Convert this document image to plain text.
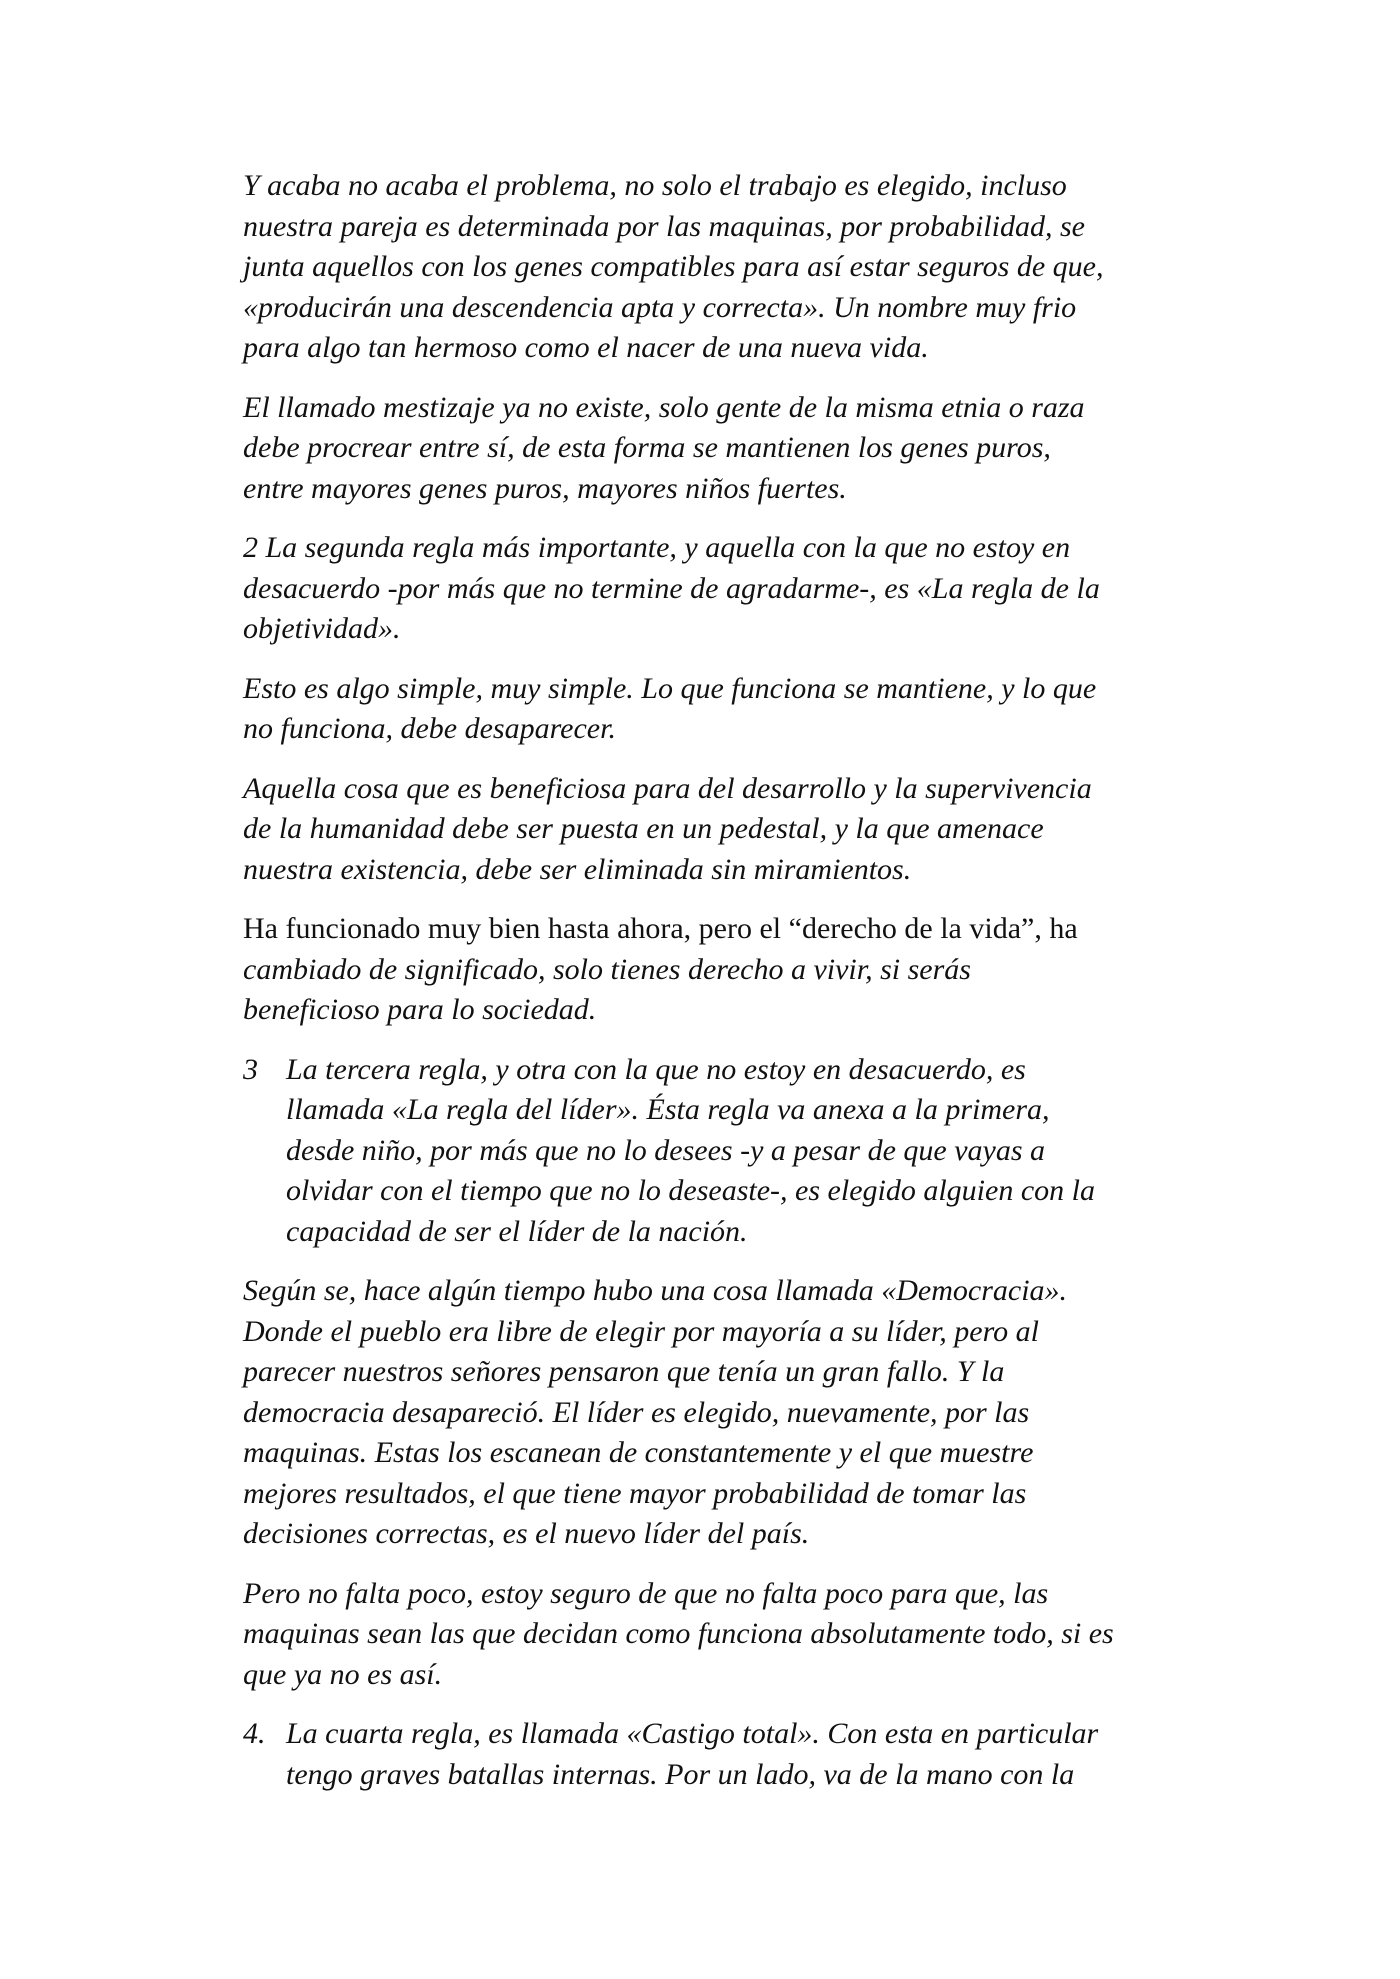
Y acaba no acaba el problema, no solo el trabajo es elegido, incluso
nuestra pareja es determinada por las maquinas, por probabilidad, se
junta aquellos con los genes compatibles para así estar seguros de que,
«producirán una descendencia apta y correcta». Un nombre muy frio
para algo tan hermoso como el nacer de una nueva vida.

El llamado mestizaje ya no existe, solo gente de la misma etnia o raza
debe procrear entre sí, de esta forma se mantienen los genes puros,
entre mayores genes puros, mayores niños fuertes.

2 La segunda regla más importante, y aquella con la que no estoy en
desacuerdo -por más que no termine de agradarme-, es «La regla de la
objetividad».

Esto es algo simple, muy simple. Lo que funciona se mantiene, y lo que
no funciona, debe desaparecer.

Aquella cosa que es beneficiosa para del desarrollo y la supervivencia
de la humanidad debe ser puesta en un pedestal, y la que amenace
nuestra existencia, debe ser eliminada sin miramientos.

Ha funcionado muy bien hasta ahora, pero el “derecho de la vida”, ha
cambiado de significado, solo tienes derecho a vivir, si serás
beneficioso para lo sociedad.

3 La tercera regla, y otra con la que no estoy en desacuerdo, es
llamada «La regla del líder». Ésta regla va anexa a la primera,
desde niño, por más que no lo desees -y a pesar de que vayas a
olvidar con el tiempo que no lo deseaste-, es elegido alguien con la
capacidad de ser el líder de la nación.

Según se, hace algún tiempo hubo una cosa llamada «Democracia».
Donde el pueblo era libre de elegir por mayoría a su líder, pero al
parecer nuestros señores pensaron que tenía un gran fallo. Y la
democracia desapareció. El líder es elegido, nuevamente, por las
maquinas. Estas los escanean de constantemente y el que muestre
mejores resultados, el que tiene mayor probabilidad de tomar las
decisiones correctas, es el nuevo líder del país.

Pero no falta poco, estoy seguro de que no falta poco para que, las
maquinas sean las que decidan como funciona absolutamente todo, si es
que ya no es así.

4. La cuarta regla, es llamada «Castigo total». Con esta en particular
tengo graves batallas internas. Por un lado, va de la mano con la
